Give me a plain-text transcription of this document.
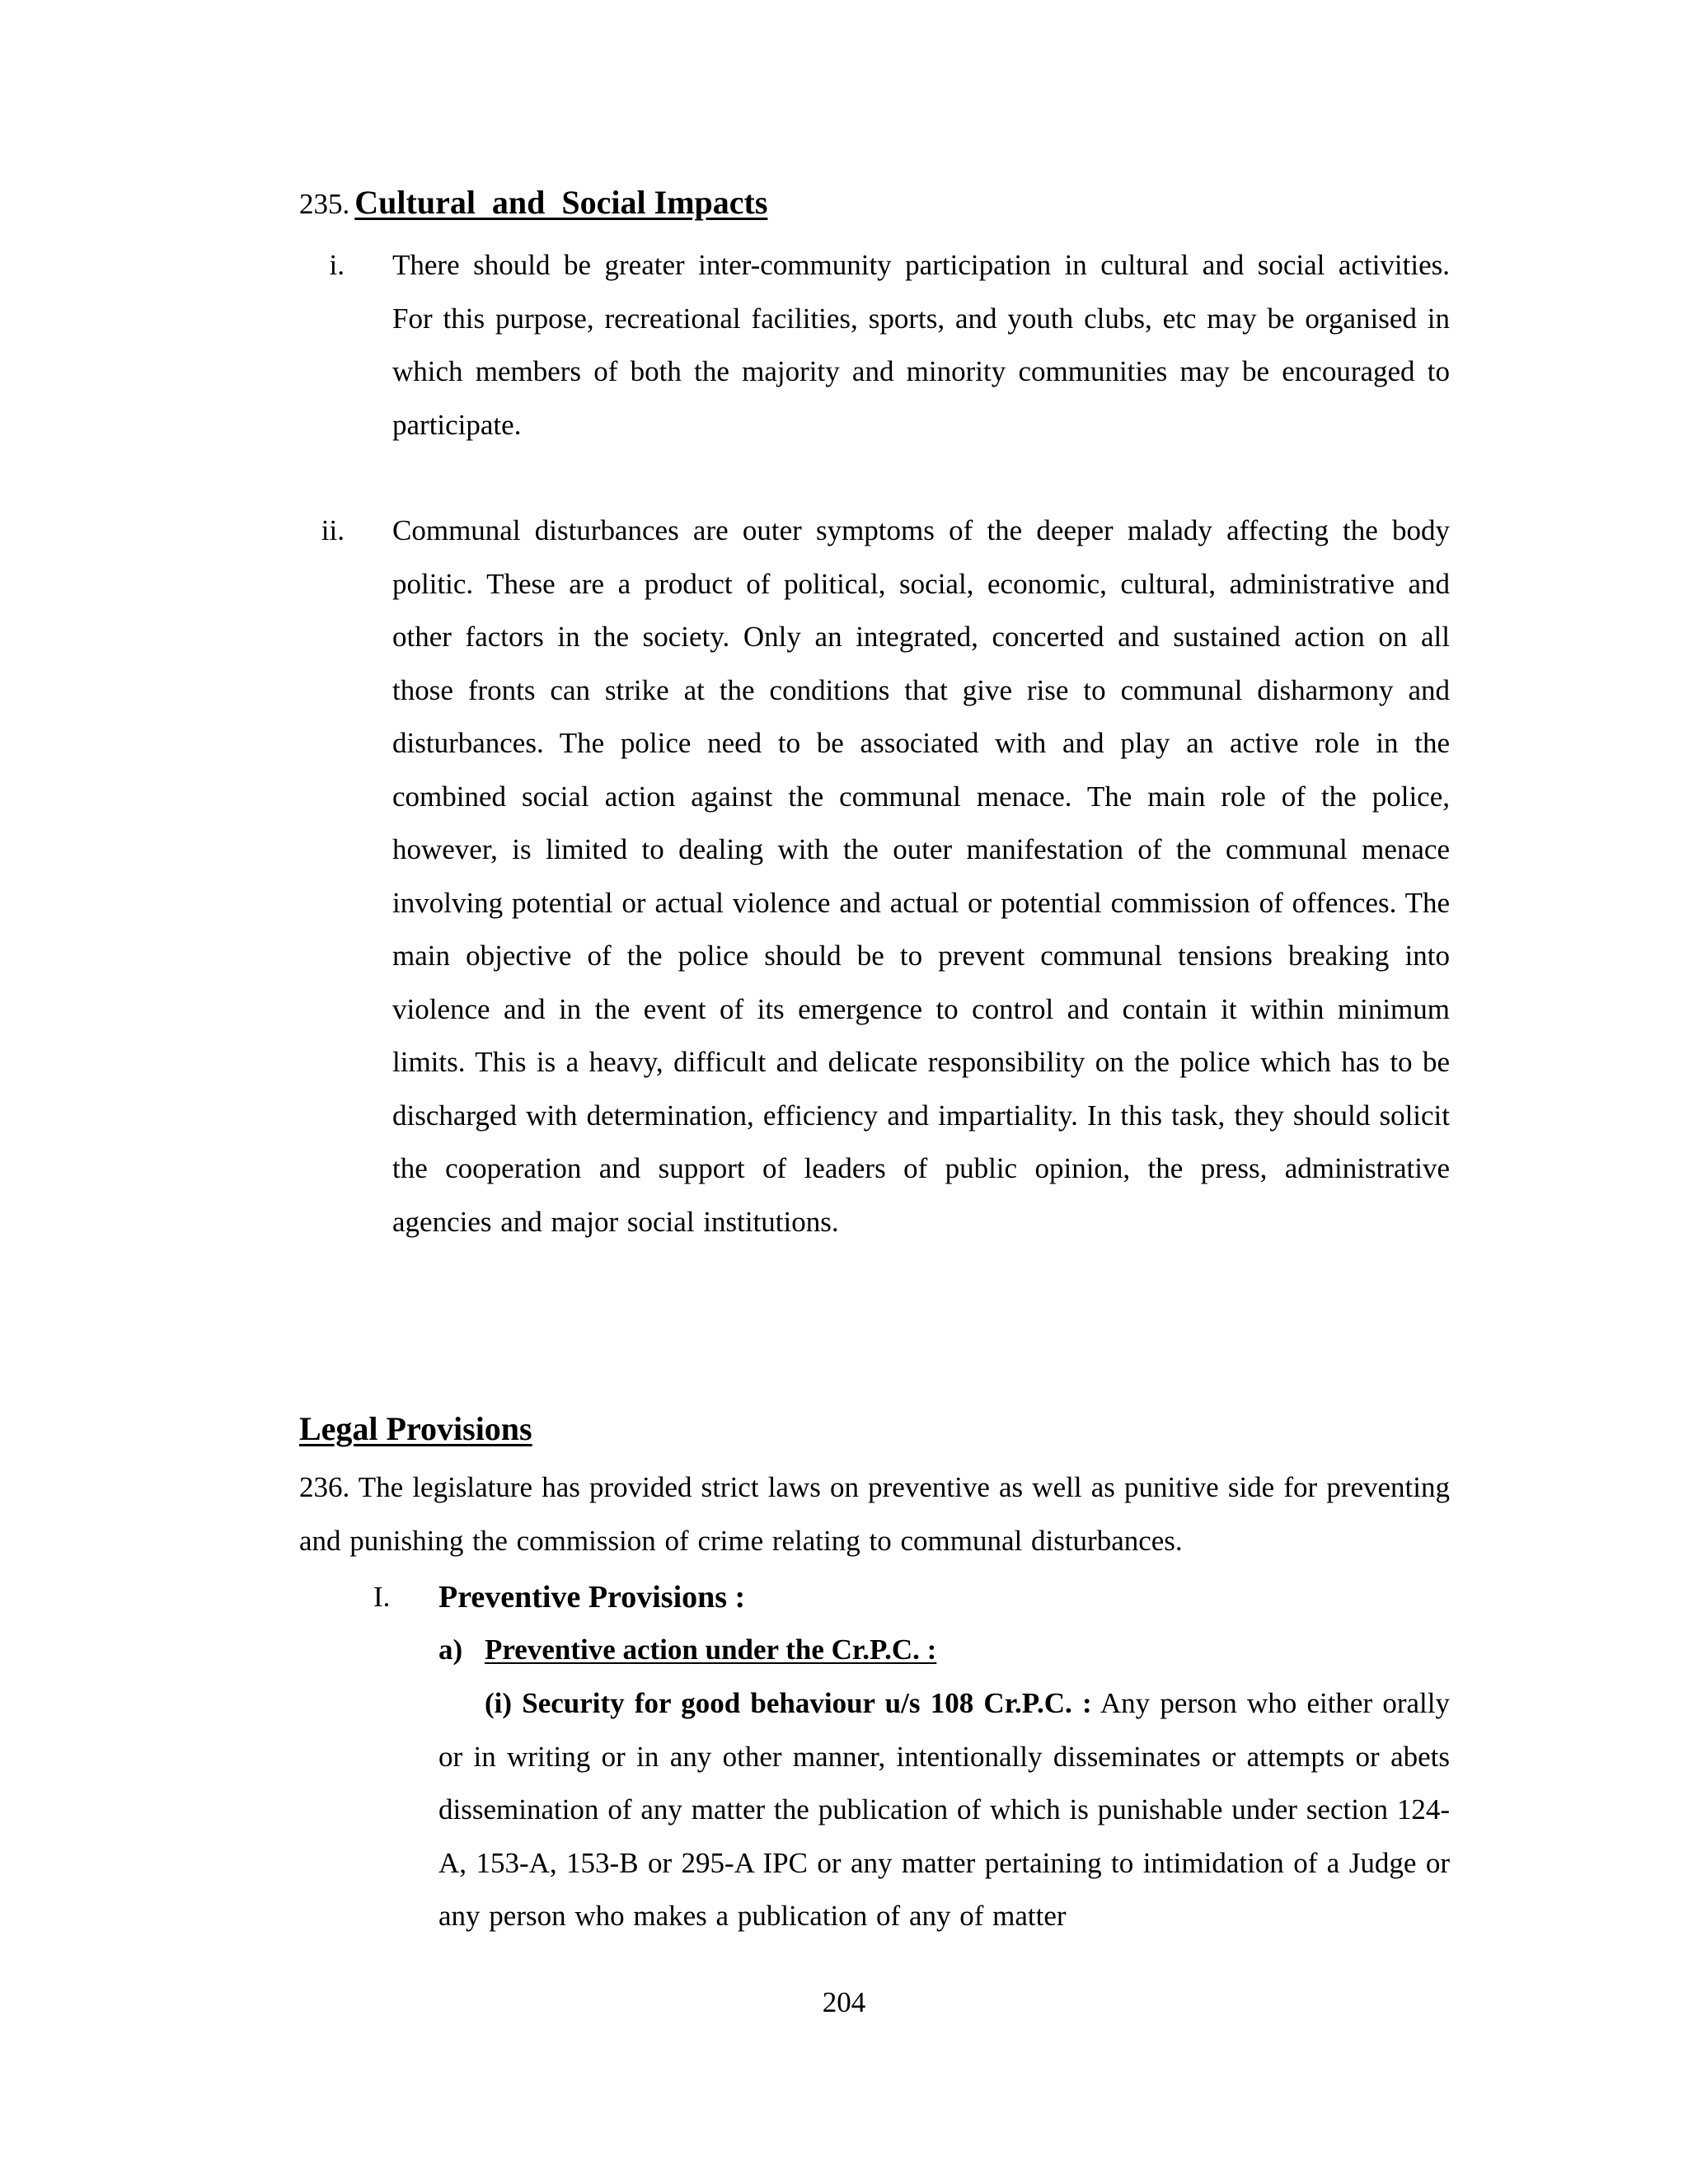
235. Cultural  and  Social Impacts
i. There should be greater inter-community participation in cultural and social activities. For this purpose, recreational facilities, sports, and youth clubs, etc may be organised in which members of both the majority and minority communities may be encouraged to participate.
ii. Communal disturbances are outer symptoms of the deeper malady affecting the body politic. These are a product of political, social, economic, cultural, administrative and other factors in the society. Only an integrated, concerted and sustained action on all those fronts can strike at the conditions that give rise to communal disharmony and disturbances. The police need to be associated with and play an active role in the combined social action against the communal menace. The main role of the police, however, is limited to dealing with the outer manifestation of the communal menace involving potential or actual violence and actual or potential commission of offences. The main objective of the police should be to prevent communal tensions breaking into violence and in the event of its emergence to control and contain it within minimum limits. This is a heavy, difficult and delicate responsibility on the police which has to be discharged with determination, efficiency and impartiality. In this task, they should solicit the cooperation and support of leaders of public opinion, the press, administrative agencies and major social institutions.
Legal Provisions
236. The legislature has provided strict laws on preventive as well as punitive side for preventing and punishing the commission of crime relating to communal disturbances.
I. Preventive Provisions :
a) Preventive action under the Cr.P.C. :
(i) Security for good behaviour u/s 108 Cr.P.C. : Any person who either orally or in writing or in any other manner, intentionally disseminates or attempts or abets dissemination of any matter the publication of which is punishable under section 124-A, 153-A, 153-B or 295-A IPC or any matter pertaining to intimidation of a Judge or any person who makes a publication of any of matter
204
